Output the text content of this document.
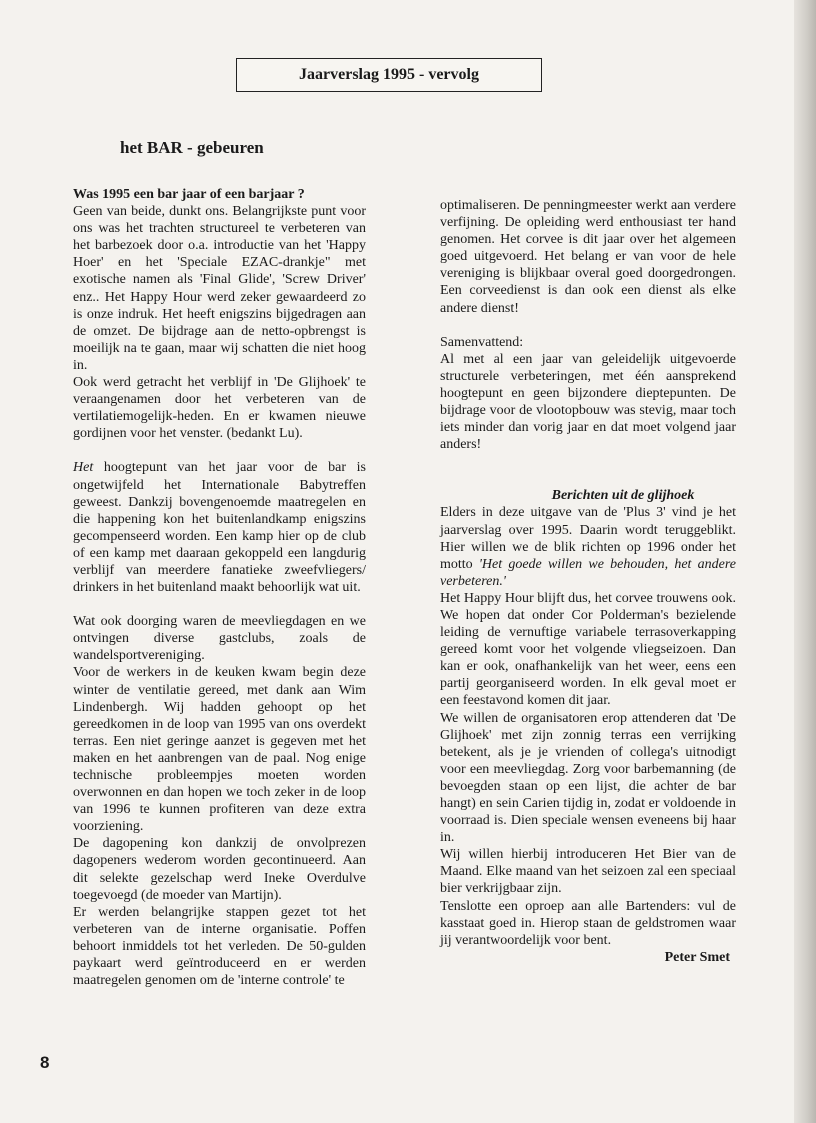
Jaarverslag 1995 - vervolg
het BAR - gebeuren

Was 1995 een bar jaar of een barjaar ?

Geen van beide, dunkt ons. Belangrijkste punt voor ons was het trachten structureel te verbeteren van het barbezoek door o.a. introductie van het 'Happy Hoer' en het 'Speciale EZAC-drankje" met exotische namen als 'Final Glide', 'Screw Driver' enz.. Het Happy Hour werd zeker gewaardeerd zo is onze indruk. Het heeft enigszins bijgedragen aan de omzet. De bijdrage aan de netto-opbrengst is moeilijk na te gaan, maar wij schatten die niet hoog in.

Ook werd getracht het verblijf in 'De Glijhoek' te veraangenamen door het verbeteren van de vertilatiemogelijk-heden. En er kwamen nieuwe gordijnen voor het venster. (bedankt Lu).

Het hoogtepunt van het jaar voor de bar is ongetwijfeld het Internationale Babytreffen geweest. Dankzij bovengenoemde maatregelen en die happening kon het buitenlandkamp enigszins gecompenseerd worden. Een kamp hier op de club of een kamp met daaraan gekoppeld een langdurig verblijf van meerdere fanatieke zweefvliegers/ drinkers in het buitenland maakt behoorlijk wat uit.

Wat ook doorging waren de meevliegdagen en we ontvingen diverse gastclubs, zoals de wandelsportvereniging.

Voor de werkers in de keuken kwam begin deze winter de ventilatie gereed, met dank aan Wim Lindenbergh. Wij hadden gehoopt op het gereedkomen in de loop van 1995 van ons overdekt terras. Een niet geringe aanzet is gegeven met het maken en het aanbrengen van de paal. Nog enige technische probleempjes moeten worden overwonnen en dan hopen we toch zeker in de loop van 1996 te kunnen profiteren van deze extra voorziening.

De dagopening kon dankzij de onvolprezen dagopeners wederom worden gecontinueerd. Aan dit selekte gezelschap werd Ineke Overdulve toegevoegd (de moeder van Martijn).

Er werden belangrijke stappen gezet tot het verbeteren van de interne organisatie. Poffen behoort inmiddels tot het verleden. De 50-gulden paykaart werd geïntroduceerd en er werden maatregelen genomen om de 'interne controle' te

optimaliseren. De penningmeester werkt aan verdere verfijning. De opleiding werd enthousiast ter hand genomen. Het corvee is dit jaar over het algemeen goed uitgevoerd. Het belang er van voor de hele vereniging is blijkbaar overal goed doorgedrongen. Een corveedienst is dan ook een dienst als elke andere dienst!

Samenvattend:

Al met al een jaar van geleidelijk uitgevoerde structurele verbeteringen, met één aansprekend hoogtepunt en geen bijzondere dieptepunten. De bijdrage voor de vlootopbouw was stevig, maar toch iets minder dan vorig jaar en dat moet volgend jaar anders!

Berichten uit de glijhoek

Elders in deze uitgave van de 'Plus 3' vind je het jaarverslag over 1995. Daarin wordt teruggeblikt. Hier willen we de blik richten op 1996 onder het motto 'Het goede willen we behouden, het andere verbeteren.'

Het Happy Hour blijft dus, het corvee trouwens ook. We hopen dat onder Cor Polderman's bezielende leiding de vernuftige variabele terrasoverkapping gereed komt voor het volgende vliegseizoen. Dan kan er ook, onafhankelijk van het weer, eens een partij georganiseerd worden. In elk geval moet er een feestavond komen dit jaar.

We willen de organisatoren erop attenderen dat 'De Glijhoek' met zijn zonnig terras een verrijking betekent, als je je vrienden of collega's uitnodigt voor een meevliegdag. Zorg voor barbemanning (de bevoegden staan op een lijst, die achter de bar hangt) en sein Carien tijdig in, zodat er voldoende in voorraad is. Dien speciale wensen eveneens bij haar in.

Wij willen hierbij introduceren Het Bier van de Maand. Elke maand van het seizoen zal een speciaal bier verkrijgbaar zijn.

Tenslotte een oproep aan alle Bartenders: vul de kasstaat goed in. Hierop staan de geldstromen waar jij verantwoordelijk voor bent.

Peter Smet

8
